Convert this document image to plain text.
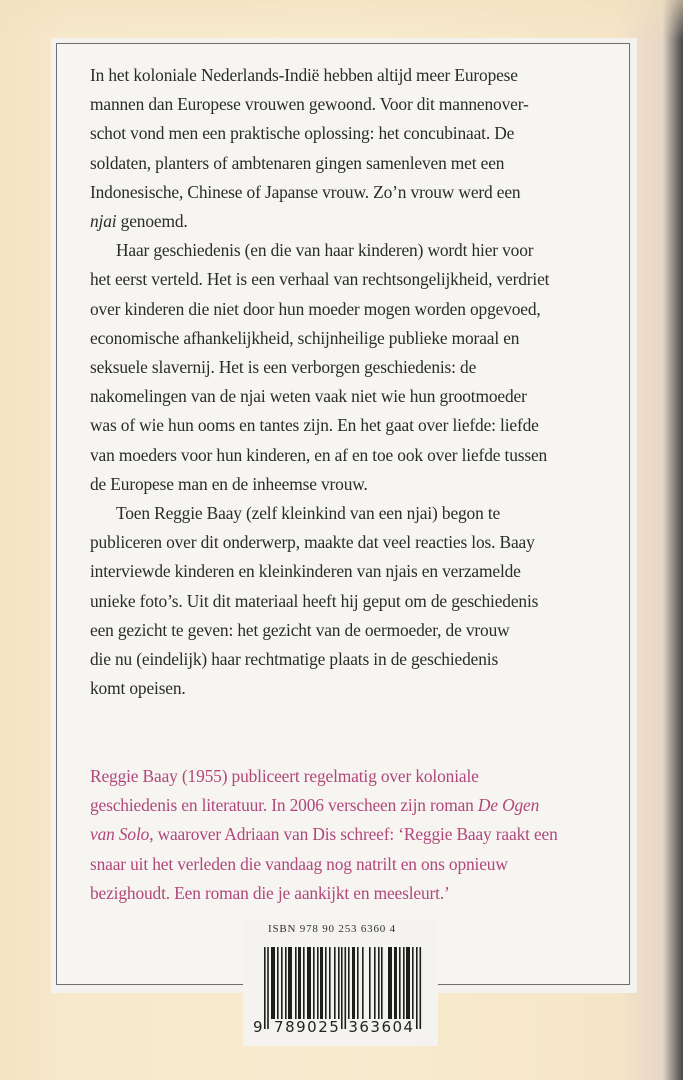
In het koloniale Nederlands-Indië hebben altijd meer Europese
mannen dan Europese vrouwen gewoond. Voor dit mannenover-
schot vond men een praktische oplossing: het concubinaat. De
soldaten, planters of ambtenaren gingen samenleven met een
Indonesische, Chinese of Japanse vrouw. Zo’n vrouw werd een
njai genoemd.

Haar geschiedenis (en die van haar kinderen) wordt hier voor
het eerst verteld. Het is een verhaal van rechtsongelijkheid, verdriet
over kinderen die niet door hun moeder mogen worden opgevoed,
economische afhankelijkheid, schijnheilige publieke moraal en
seksuele slavernij. Het is een verborgen geschiedenis: de
nakomelingen van de njai weten vaak niet wie hun grootmoeder
was of wie hun ooms en tantes zijn. En het gaat over liefde: liefde
van moeders voor hun kinderen, en af en toe ook over liefde tussen
de Europese man en de inheemse vrouw.

Toen Reggie Baay (zelf kleinkind van een njai) begon te
publiceren over dit onderwerp, maakte dat veel reacties los. Baay
interviewde kinderen en kleinkinderen van njais en verzamelde
unieke foto’s. Uit dit materiaal heeft hij geput om de geschiedenis
een gezicht te geven: het gezicht van de oermoeder, de vrouw
die nu (eindelijk) haar rechtmatige plaats in de geschiedenis
komt opeisen.

Reggie Baay (1955) publiceert regelmatig over koloniale
geschiedenis en literatuur. In 2006 verscheen zijn roman De Ogen
van Solo, waarover Adriaan van Dis schreef: ‘Reggie Baay raakt een
snaar uit het verleden die vandaag nog natrilt en ons opnieuw
bezighoudt. Een roman die je aankijkt en meesleurt.’
ISBN 978 90 253 6360 4
9 789025 363604
